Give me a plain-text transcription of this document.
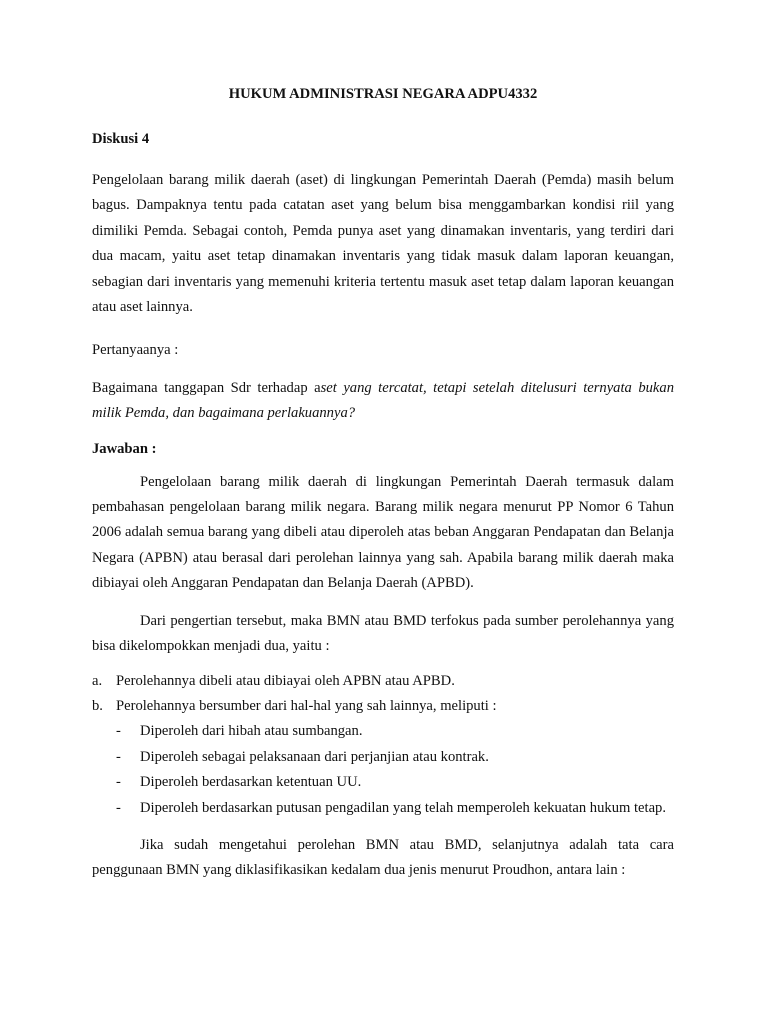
HUKUM ADMINISTRASI NEGARA ADPU4332

Diskusi 4

Pengelolaan barang milik daerah (aset) di lingkungan Pemerintah Daerah (Pemda) masih belum bagus. Dampaknya tentu pada catatan aset yang belum bisa menggambarkan kondisi riil yang dimiliki Pemda. Sebagai contoh, Pemda punya aset yang dinamakan inventaris, yang terdiri dari dua macam, yaitu aset tetap dinamakan inventaris yang tidak masuk dalam laporan keuangan, sebagian dari inventaris yang memenuhi kriteria tertentu masuk aset tetap dalam laporan keuangan atau aset lainnya.

Pertanyaanya :

Bagaimana tanggapan Sdr terhadap aset yang tercatat, tetapi setelah ditelusuri ternyata bukan milik Pemda, dan bagaimana perlakuannya?

Jawaban :

Pengelolaan barang milik daerah di lingkungan Pemerintah Daerah termasuk dalam pembahasan pengelolaan barang milik negara. Barang milik negara menurut PP Nomor 6 Tahun 2006 adalah semua barang yang dibeli atau diperoleh atas beban Anggaran Pendapatan dan Belanja Negara (APBN) atau berasal dari perolehan lainnya yang sah. Apabila barang milik daerah maka dibiayai oleh Anggaran Pendapatan dan Belanja Daerah (APBD).

Dari pengertian tersebut, maka BMN atau BMD terfokus pada sumber perolehannya yang bisa dikelompokkan menjadi dua, yaitu :

a. Perolehannya dibeli atau dibiayai oleh APBN atau APBD.
b. Perolehannya bersumber dari hal-hal yang sah lainnya, meliputi :
- Diperoleh dari hibah atau sumbangan.
- Diperoleh sebagai pelaksanaan dari perjanjian atau kontrak.
- Diperoleh berdasarkan ketentuan UU.
- Diperoleh berdasarkan putusan pengadilan yang telah memperoleh kekuatan hukum tetap.

Jika sudah mengetahui perolehan BMN atau BMD, selanjutnya adalah tata cara penggunaan BMN yang diklasifikasikan kedalam dua jenis menurut Proudhon, antara lain :
